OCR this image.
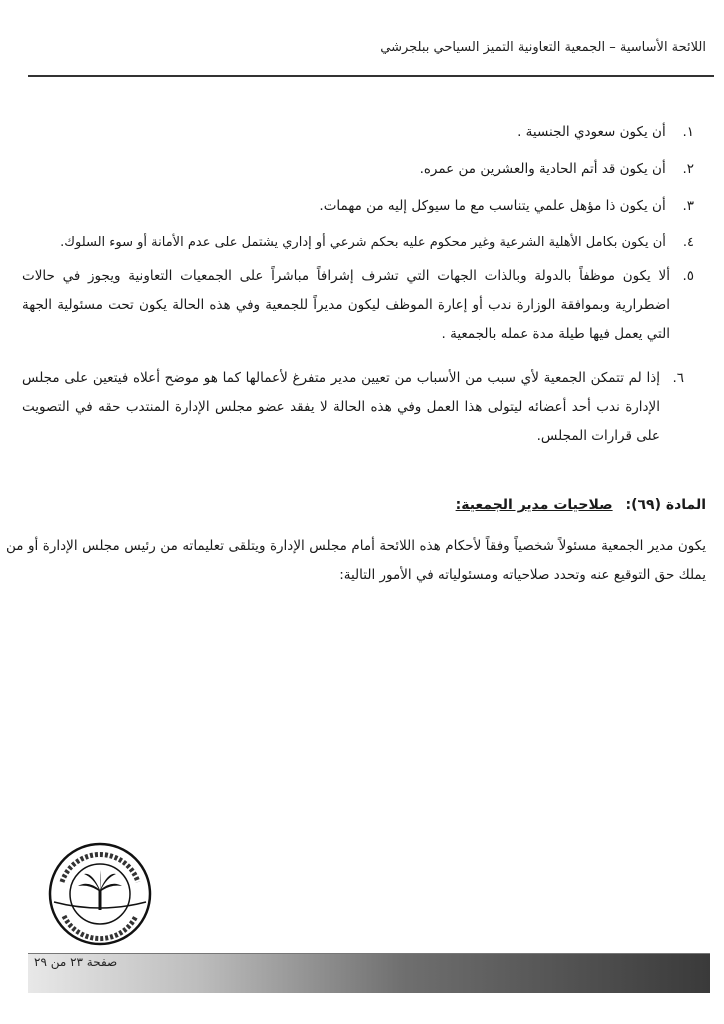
اللائحة الأساسية – الجمعية التعاونية التميز السياحي ببلجرشي
١. أن يكون سعودي الجنسية .
٢. أن يكون قد أتم الحادية والعشرين من عمره.
٣. أن يكون ذا مؤهل علمي يتناسب مع ما سيوكل إليه من مهمات.
٤. أن يكون بكامل الأهلية الشرعية وغير محكوم عليه بحكم شرعي أو إداري يشتمل على عدم الأمانة أو سوء السلوك.
٥.
ألا يكون موظفاً بالدولة وبالذات الجهات التي تشرف إشرافاً مباشراً على الجمعيات التعاونية ويجوز في حالات اضطرارية وبموافقة الوزارة ندب أو إعارة الموظف ليكون مديراً للجمعية وفي هذه الحالة يكون تحت مسئولية الجهة التي يعمل فيها طيلة مدة عمله بالجمعية .
٦.
إذا لم تتمكن الجمعية لأي سبب من الأسباب من تعيين مدير متفرغ لأعمالها كما هو موضح أعلاه فيتعين على مجلس الإدارة ندب أحد أعضائه ليتولى هذا العمل وفي هذه الحالة لا يفقد عضو مجلس الإدارة المنتدب حقه في التصويت على قرارات المجلس.
المادة (٦٩): صلاحيات مدير الجمعية:
يكون مدير الجمعية مسئولاً شخصياً وفقاً لأحكام هذه اللائحة أمام مجلس الإدارة ويتلقى تعليماته من رئيس مجلس الإدارة أو من يملك حق التوقيع عنه وتحدد صلاحياته ومسئولياته في الأمور التالية:
صفحة ٢٣ من ٢٩
